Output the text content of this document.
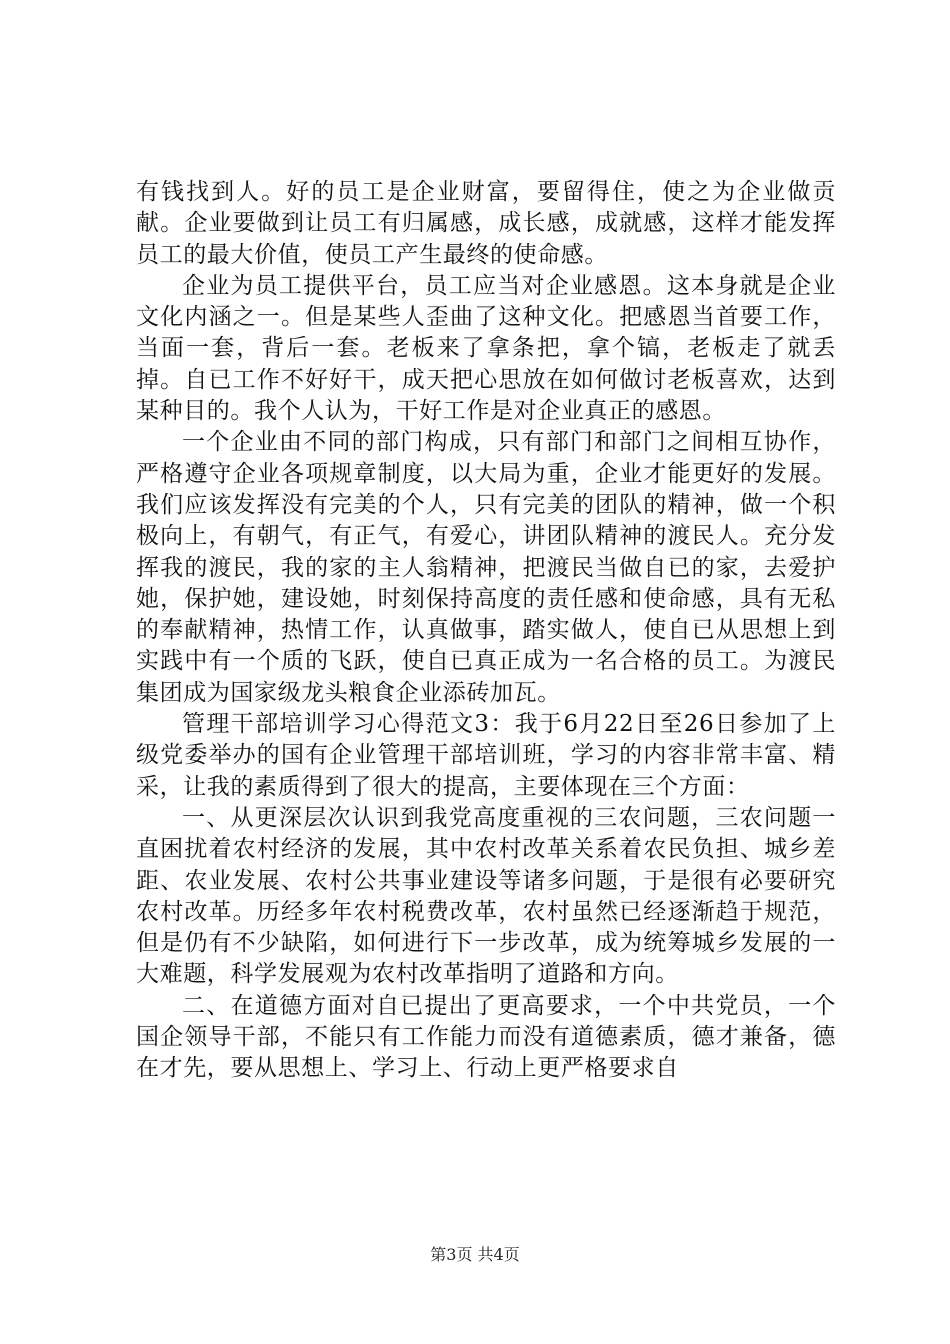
有钱找到人。好的员工是企业财富，要留得住，使之为企业做贡献。企业要做到让员工有归属感，成长感，成就感，这样才能发挥员工的最大价值，使员工产生最终的使命感。

企业为员工提供平台，员工应当对企业感恩。这本身就是企业文化内涵之一。但是某些人歪曲了这种文化。把感恩当首要工作，当面一套，背后一套。老板来了拿条把，拿个镐，老板走了就丢掉。自已工作不好好干，成天把心思放在如何做讨老板喜欢，达到某种目的。我个人认为，干好工作是对企业真正的感恩。

一个企业由不同的部门构成，只有部门和部门之间相互协作，严格遵守企业各项规章制度，以大局为重，企业才能更好的发展。我们应该发挥没有完美的个人，只有完美的团队的精神，做一个积极向上，有朝气，有正气，有爱心，讲团队精神的渡民人。充分发挥我的渡民，我的家的主人翁精神，把渡民当做自已的家，去爱护她，保护她，建设她，时刻保持高度的责任感和使命感，具有无私的奉献精神，热情工作，认真做事，踏实做人，使自已从思想上到实践中有一个质的飞跃，使自已真正成为一名合格的员工。为渡民集团成为国家级龙头粮食企业添砖加瓦。

管理干部培训学习心得范文3：我于6月22日至26日参加了上级党委举办的国有企业管理干部培训班，学习的内容非常丰富、精采，让我的素质得到了很大的提高，主要体现在三个方面：

一、从更深层次认识到我党高度重视的三农问题，三农问题一直困扰着农村经济的发展，其中农村改革关系着农民负担、城乡差距、农业发展、农村公共事业建设等诸多问题，于是很有必要研究农村改革。历经多年农村税费改革，农村虽然已经逐渐趋于规范，但是仍有不少缺陷，如何进行下一步改革，成为统筹城乡发展的一大难题，科学发展观为农村改革指明了道路和方向。

二、在道德方面对自已提出了更高要求，一个中共党员，一个国企领导干部，不能只有工作能力而没有道德素质，德才兼备，德在才先，要从思想上、学习上、行动上更严格要求自

第3页 共4页
